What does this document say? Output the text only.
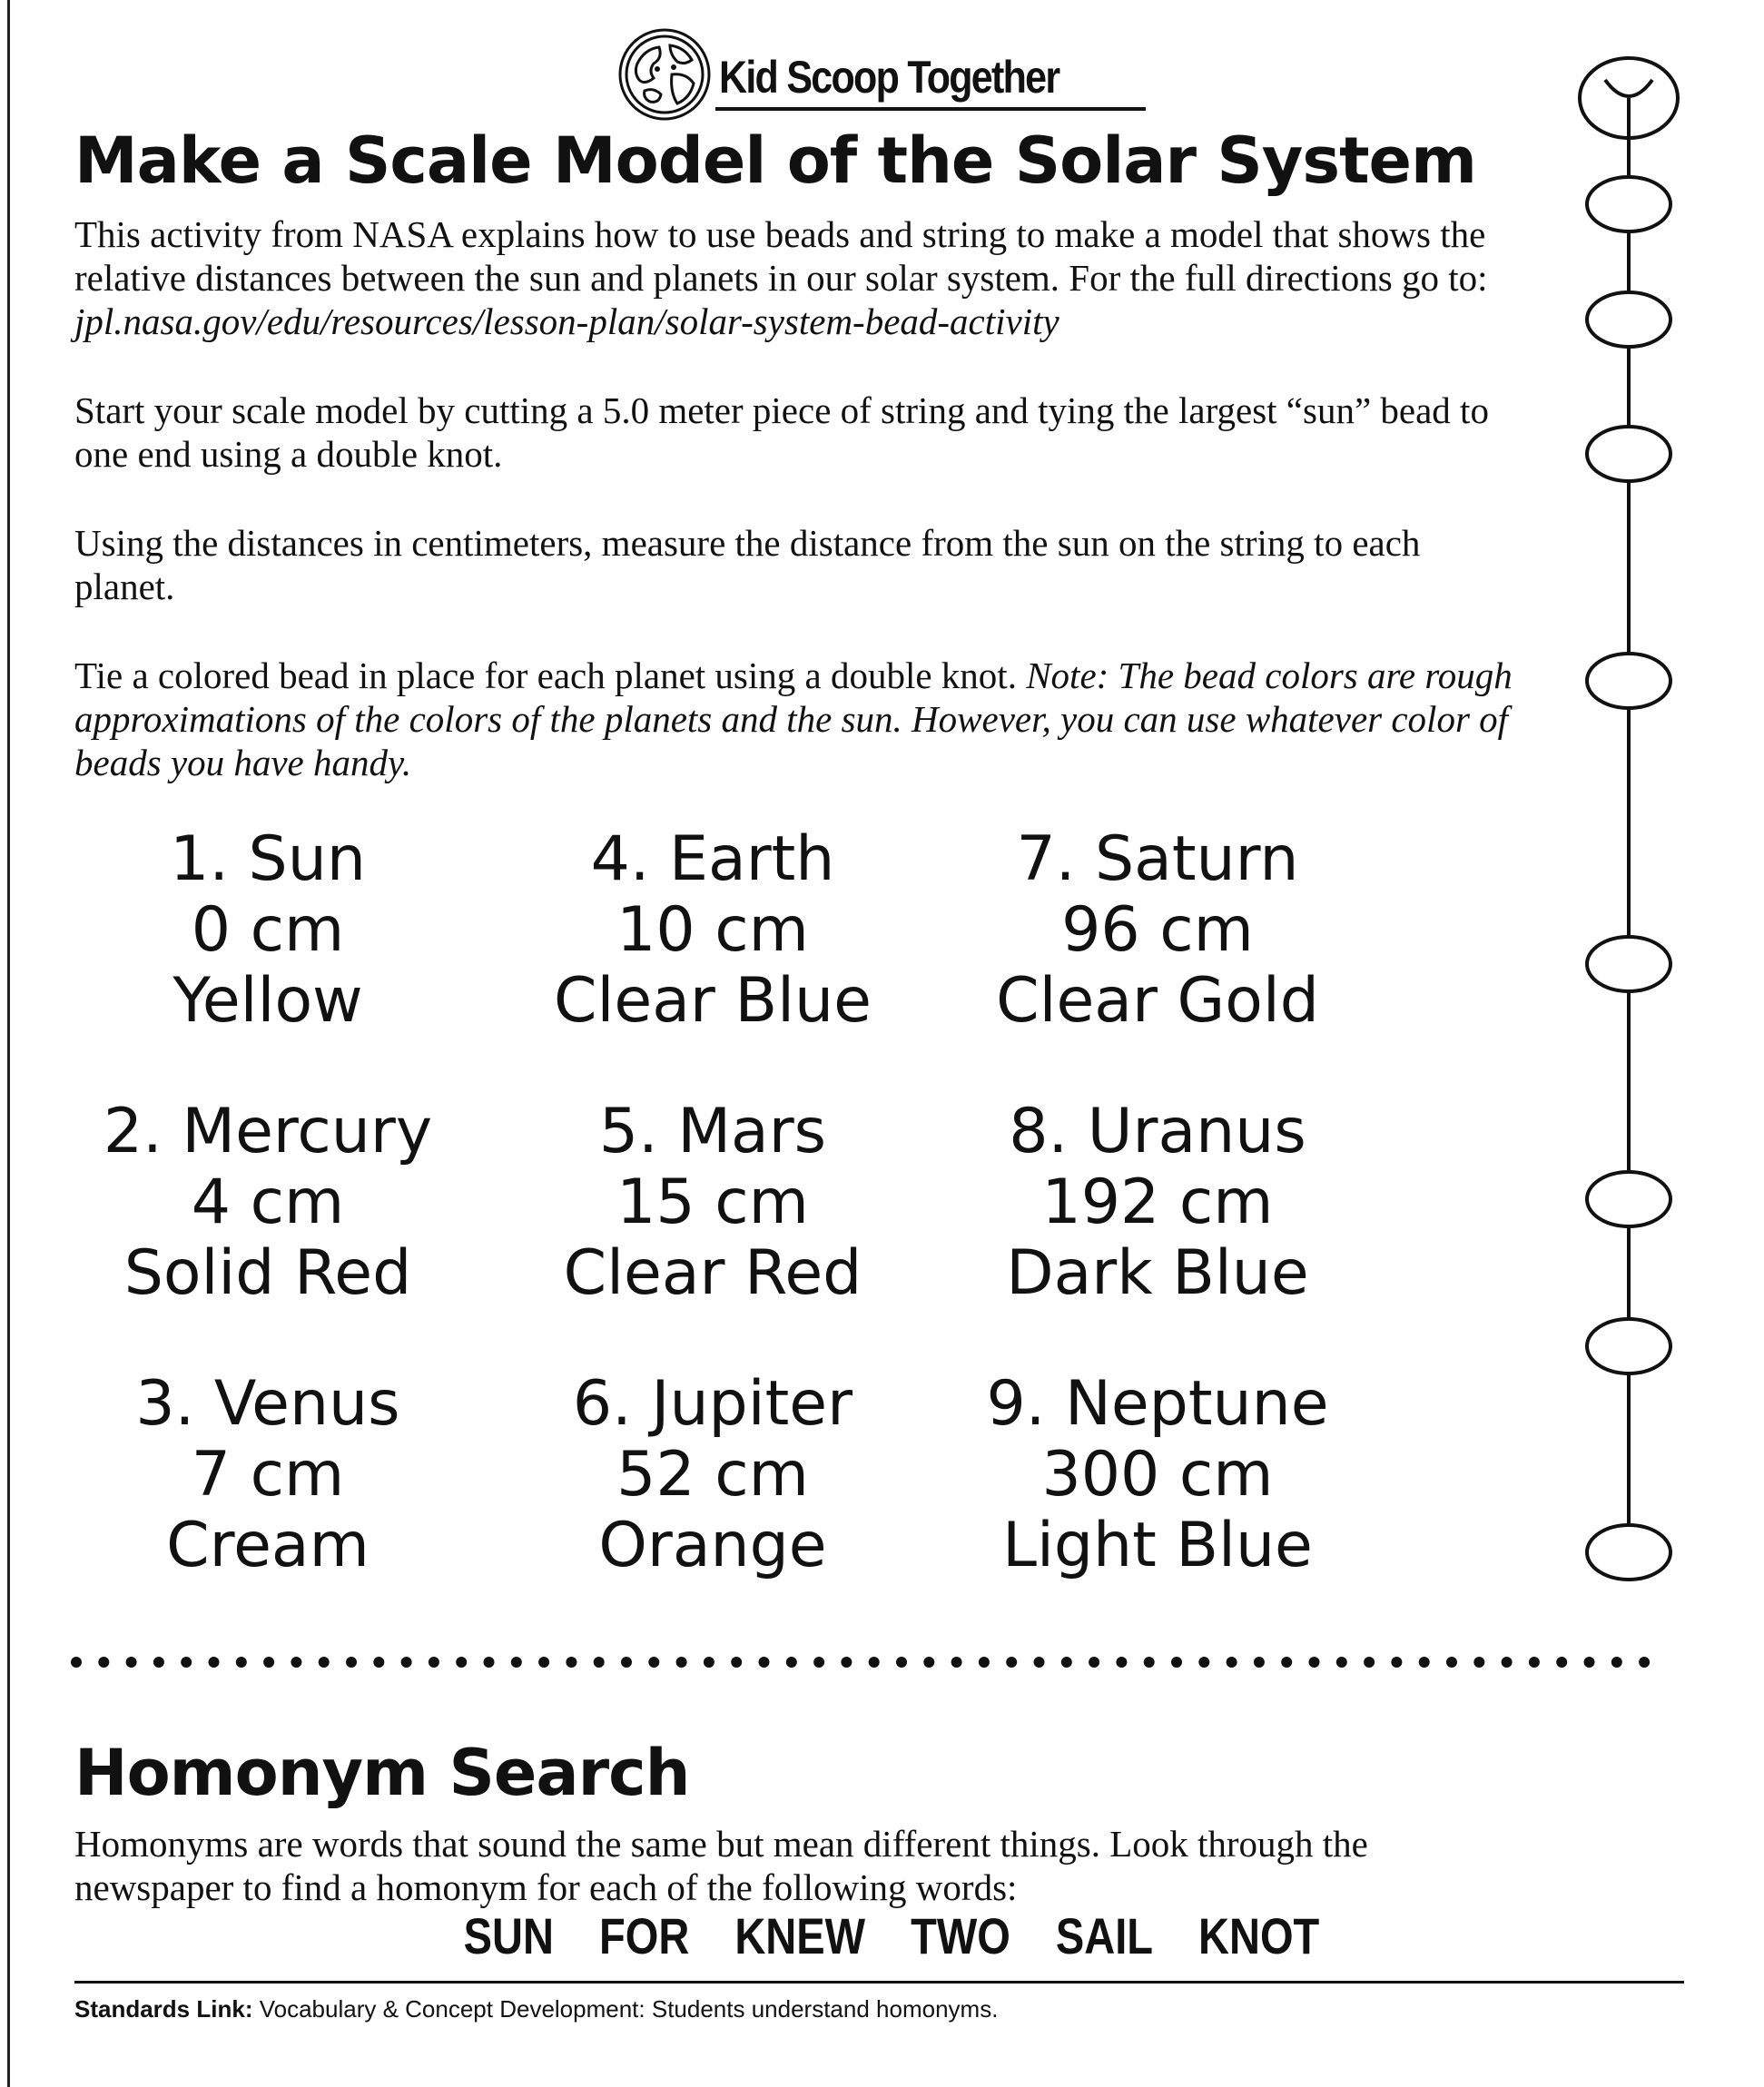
Kid Scoop Together
Make a Scale Model of the Solar System

This activity from NASA explains how to use beads and string to make a model that shows the relative distances between the sun and planets in our solar system. For the full directions go to: jpl.nasa.gov/edu/resources/lesson-plan/solar-system-bead-activity

Start your scale model by cutting a 5.0 meter piece of string and tying the largest “sun” bead to one end using a double knot.

Using the distances in centimeters, measure the distance from the sun on the string to each planet.

Tie a colored bead in place for each planet using a double knot. Note: The bead colors are rough approximations of the colors of the planets and the sun. However, you can use whatever color of beads you have handy.

1. Sun
0 cm
Yellow
2. Mercury
4 cm
Solid Red
3. Venus
7 cm
Cream
4. Earth
10 cm
Clear Blue
5. Mars
15 cm
Clear Red
6. Jupiter
52 cm
Orange
7. Saturn
96 cm
Clear Gold
8. Uranus
192 cm
Dark Blue
9. Neptune
300 cm
Light Blue
Homonym Search

Homonyms are words that sound the same but mean different things. Look through the newspaper to find a homonym for each of the following words:

SUN FOR KNEW TWO SAIL KNOT
Standards Link: Vocabulary & Concept Development: Students understand homonyms.
